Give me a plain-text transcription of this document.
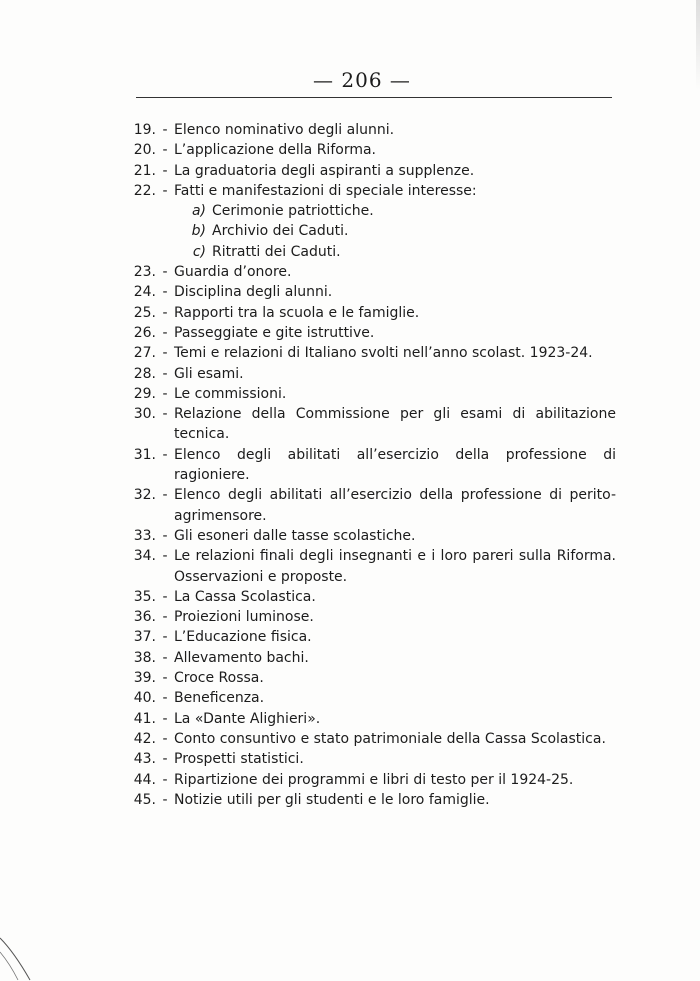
— 206 —
19. - Elenco nominativo degli alunni.
20. - L’applicazione della Riforma.
21. - La graduatoria degli aspiranti a supplenze.
22. - Fatti e manifestazioni di speciale interesse:
a) Cerimonie patriottiche.
b) Archivio dei Caduti.
c) Ritratti dei Caduti.
23. - Guardia d’onore.
24. - Disciplina degli alunni.
25. - Rapporti tra la scuola e le famiglie.
26. - Passeggiate e gite istruttive.
27. - Temi e relazioni di Italiano svolti nell’anno scolast. 1923-24.
28. - Gli esami.
29. - Le commissioni.
30. - Relazione della Commissione per gli esami di abilitazione tecnica.
31. - Elenco degli abilitati all’esercizio della professione di ragioniere.
32. - Elenco degli abilitati all’esercizio della professione di perito-agrimensore.
33. - Gli esoneri dalle tasse scolastiche.
34. - Le relazioni finali degli insegnanti e i loro pareri sulla Riforma. Osservazioni e proposte.
35. - La Cassa Scolastica.
36. - Proiezioni luminose.
37. - L’Educazione fisica.
38. - Allevamento bachi.
39. - Croce Rossa.
40. - Beneficenza.
41. - La «Dante Alighieri».
42. - Conto consuntivo e stato patrimoniale della Cassa Scolastica.
43. - Prospetti statistici.
44. - Ripartizione dei programmi e libri di testo per il 1924-25.
45. - Notizie utili per gli studenti e le loro famiglie.
